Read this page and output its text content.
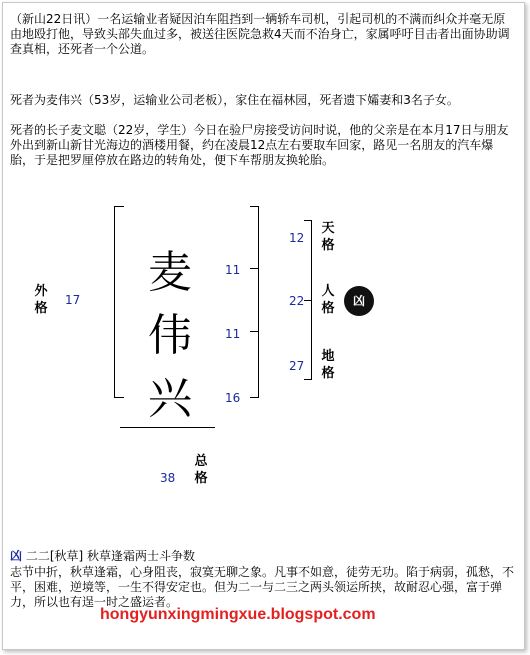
（新山22日讯）一名运输业者疑因泊车阻挡到一辆轿车司机，引起司机的不满而纠众并毫无原由地殴打他，导致头部失血过多，被送往医院急救4天而不治身亡，家属呼吁目击者出面协助调查真相，还死者一个公道。

死者为麦伟兴（53岁，运输业公司老板），家住在福林园，死者遗下孀妻和3名子女。

死者的长子麦文聪（22岁，学生）今日在验尸房接受访问时说，他的父亲是在本月17日与朋友外出到新山新甘光海边的酒楼用餐，约在凌晨12点左右要取车回家，路见一名朋友的汽车爆胎，于是把罗厘停放在路边的转角处，便下车帮朋友换轮胎。

麦
伟
兴
11
11
16
12
22
27
17
38
天格
人格
地格
外格
总格
凶
凶 二二[秋草] 秋草逢霜两士斗争数

志节中折，秋草逢霜，心身阻丧，寂寞无聊之象。凡事不如意，徒劳无功。陷于病弱，孤愁，不平，困难，逆境等，一生不得安定也。但为二一与二三之两头领运所挟，故耐忍心强，富于弹力，所以也有逞一时之盛运者。

hongyunxingmingxue.blogspot.com
